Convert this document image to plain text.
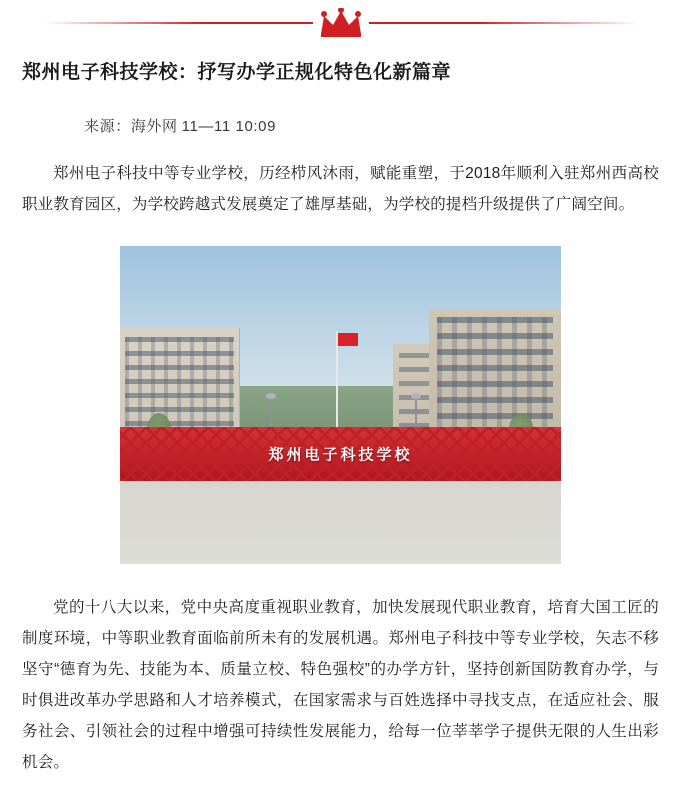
郑州电子科技学校：抒写办学正规化特色化新篇章
来源：海外网 11—11 10:09

郑州电子科技中等专业学校，历经栉风沐雨，赋能重塑，于2018年顺利入驻郑州西高校职业教育园区，为学校跨越式发展奠定了雄厚基础，为学校的提档升级提供了广阔空间。

郑州电子科技学校

党的十八大以来，党中央高度重视职业教育，加快发展现代职业教育，培育大国工匠的制度环境，中等职业教育面临前所未有的发展机遇。郑州电子科技中等专业学校，矢志不移坚守“德育为先、技能为本、质量立校、特色强校”的办学方针，坚持创新国防教育办学，与时俱进改革办学思路和人才培养模式，在国家需求与百姓选择中寻找支点，在适应社会、服务社会、引领社会的过程中增强可持续性发展能力，给每一位莘莘学子提供无限的人生出彩机会。
